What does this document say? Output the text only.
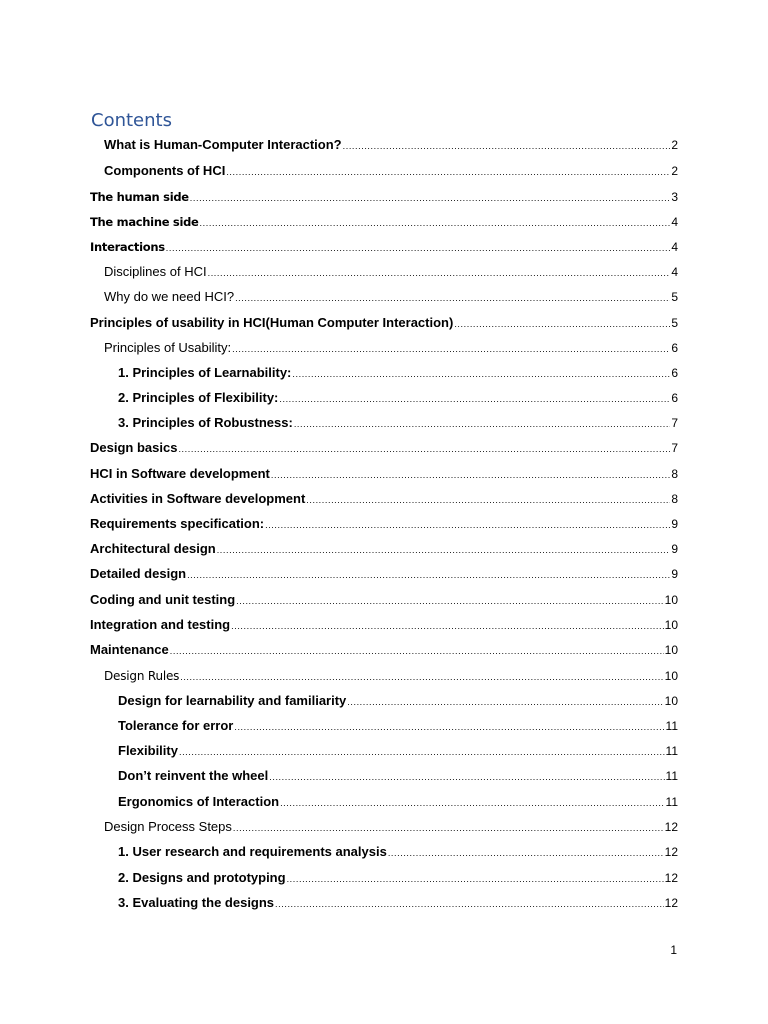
Contents
What is Human-Computer Interaction? .....	2
Components of HCI .....	2
The human side .....	3
The machine side .....	4
Interactions .....	4
Disciplines of HCI .....	4
Why do we need HCI? .....	5
Principles of usability in HCI(Human Computer Interaction) .....	5
Principles of Usability: .....	6
1. Principles of Learnability: .....	6
2. Principles of Flexibility: .....	6
3. Principles of Robustness: .....	7
Design basics .....	7
HCI in Software development .....	8
Activities in Software development .....	8
Requirements specification: .....	9
Architectural design .....	9
Detailed design .....	9
Coding and unit testing .....	10
Integration and testing .....	10
Maintenance .....	10
Design Rules .....	10
Design for learnability and familiarity .....	10
Tolerance for error .....	11
Flexibility .....	11
Don’t reinvent the wheel .....	11
Ergonomics of Interaction .....	11
Design Process Steps .....	12
1. User research and requirements analysis .....	12
2. Designs and prototyping .....	12
3. Evaluating the designs .....	12
1
